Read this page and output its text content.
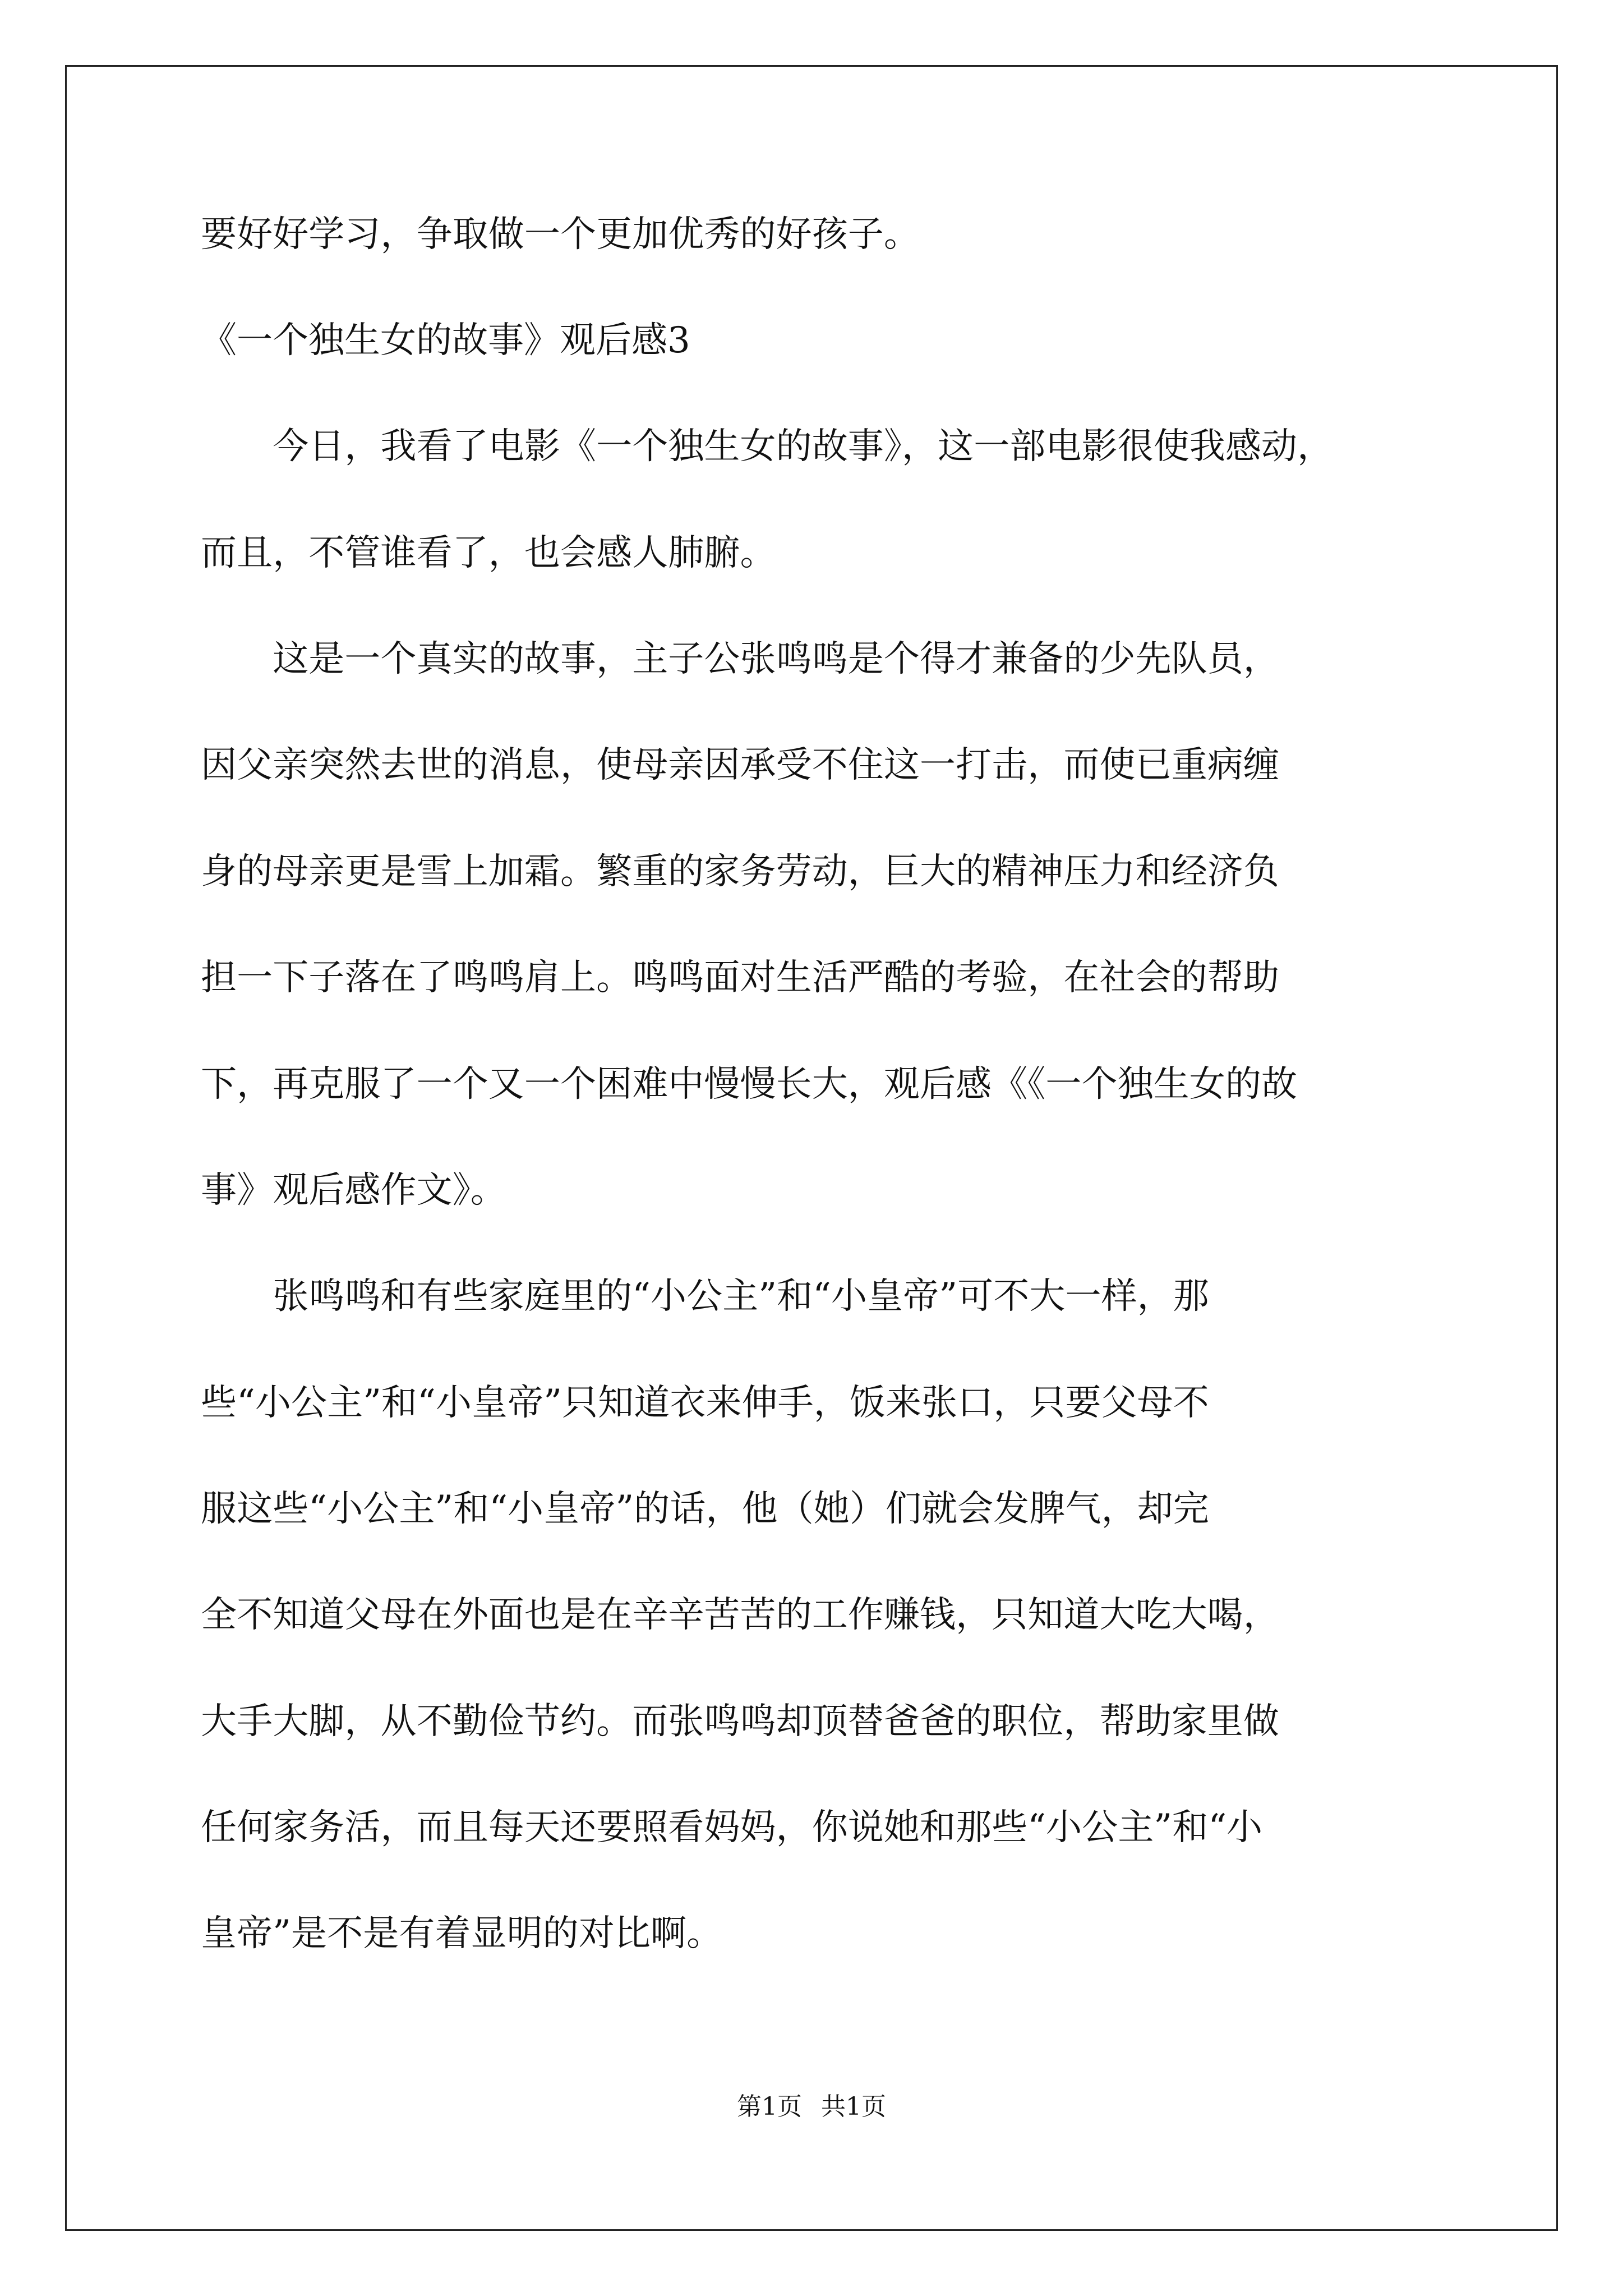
要好好学习，争取做一个更加优秀的好孩子。
《一个独生女的故事》观后感3
　　今日，我看了电影《一个独生女的故事》，这一部电影很使我感动，
而且，不管谁看了，也会感人肺腑。
　　这是一个真实的故事，主子公张鸣鸣是个得才兼备的少先队员，
因父亲突然去世的消息，使母亲因承受不住这一打击，而使已重病缠
身的母亲更是雪上加霜。繁重的家务劳动，巨大的精神压力和经济负
担一下子落在了鸣鸣肩上。鸣鸣面对生活严酷的考验，在社会的帮助
下，再克服了一个又一个困难中慢慢长大，观后感《《一个独生女的故
事》观后感作文》。
　　张鸣鸣和有些家庭里的“小公主”和“小皇帝”可不大一样，那
些“小公主”和“小皇帝”只知道衣来伸手，饭来张口，只要父母不
服这些“小公主”和“小皇帝”的话，他（她）们就会发脾气，却完
全不知道父母在外面也是在辛辛苦苦的工作赚钱，只知道大吃大喝，
大手大脚，从不勤俭节约。而张鸣鸣却顶替爸爸的职位，帮助家里做
任何家务活，而且每天还要照看妈妈，你说她和那些“小公主”和“小
皇帝”是不是有着显明的对比啊。
第1页 共1页
